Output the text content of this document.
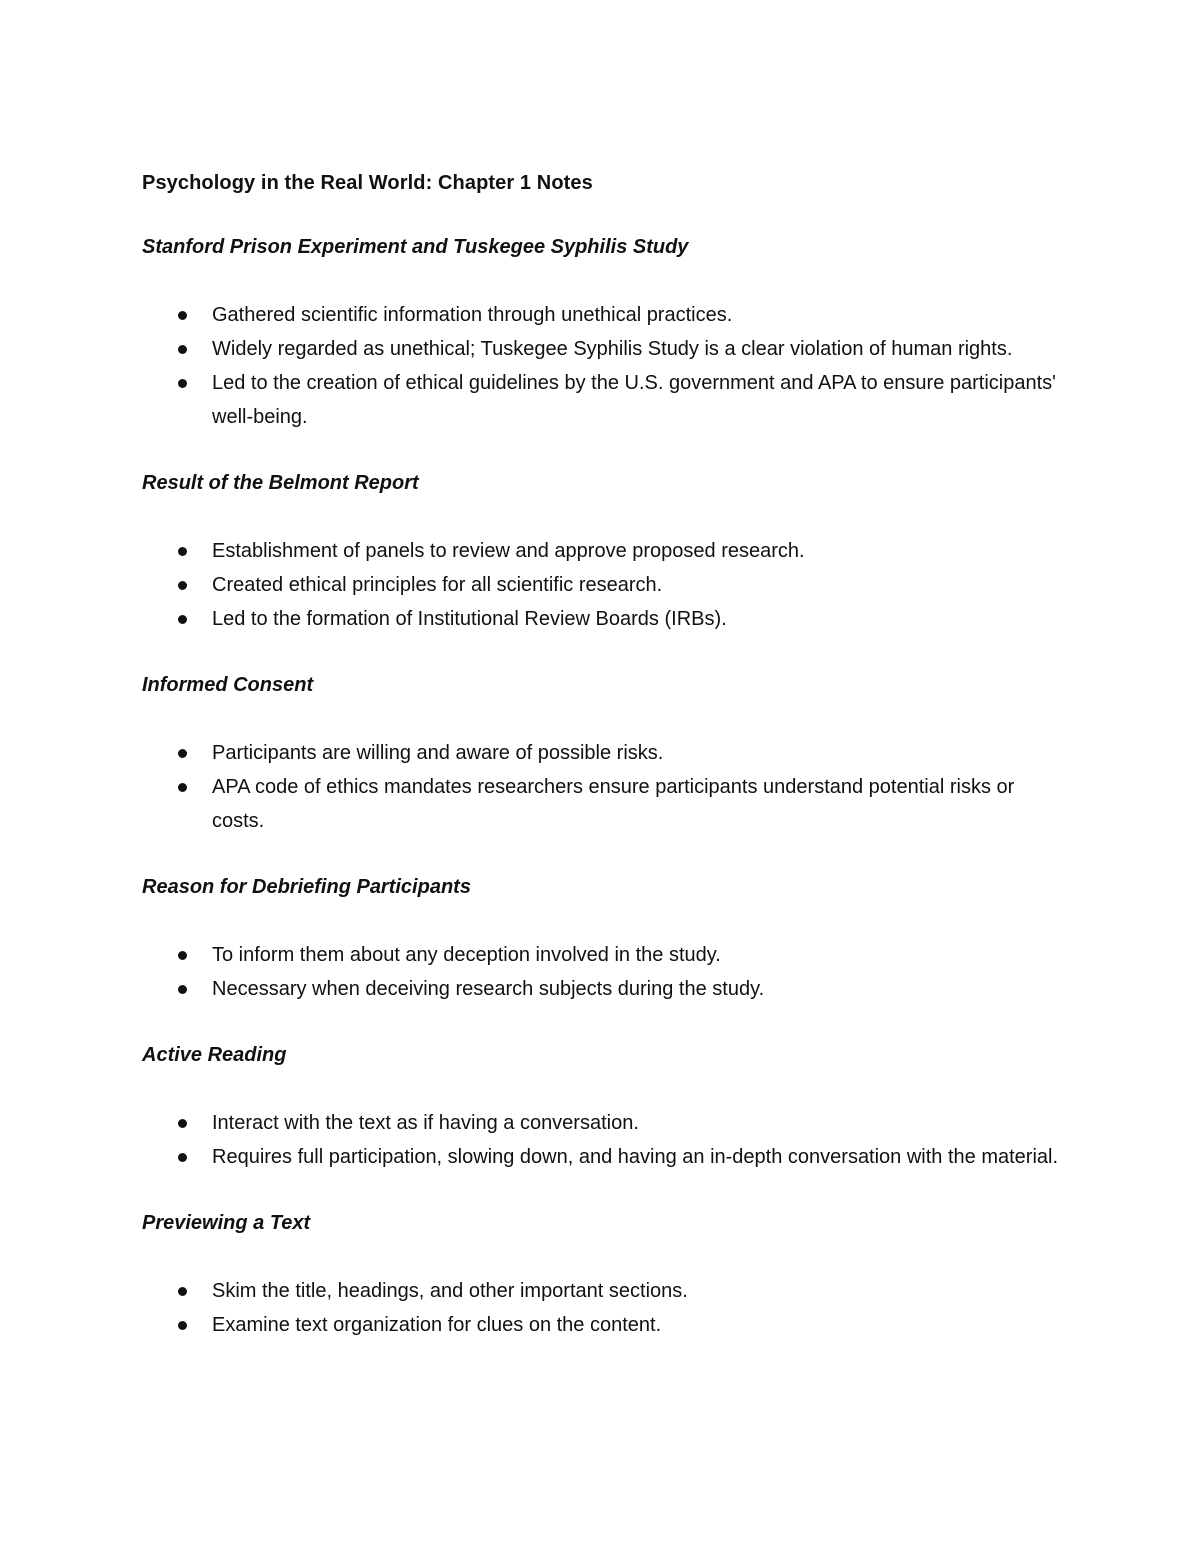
Psychology in the Real World: Chapter 1 Notes
Stanford Prison Experiment and Tuskegee Syphilis Study
Gathered scientific information through unethical practices.
Widely regarded as unethical; Tuskegee Syphilis Study is a clear violation of human rights.
Led to the creation of ethical guidelines by the U.S. government and APA to ensure participants' well-being.
Result of the Belmont Report
Establishment of panels to review and approve proposed research.
Created ethical principles for all scientific research.
Led to the formation of Institutional Review Boards (IRBs).
Informed Consent
Participants are willing and aware of possible risks.
APA code of ethics mandates researchers ensure participants understand potential risks or costs.
Reason for Debriefing Participants
To inform them about any deception involved in the study.
Necessary when deceiving research subjects during the study.
Active Reading
Interact with the text as if having a conversation.
Requires full participation, slowing down, and having an in-depth conversation with the material.
Previewing a Text
Skim the title, headings, and other important sections.
Examine text organization for clues on the content.
